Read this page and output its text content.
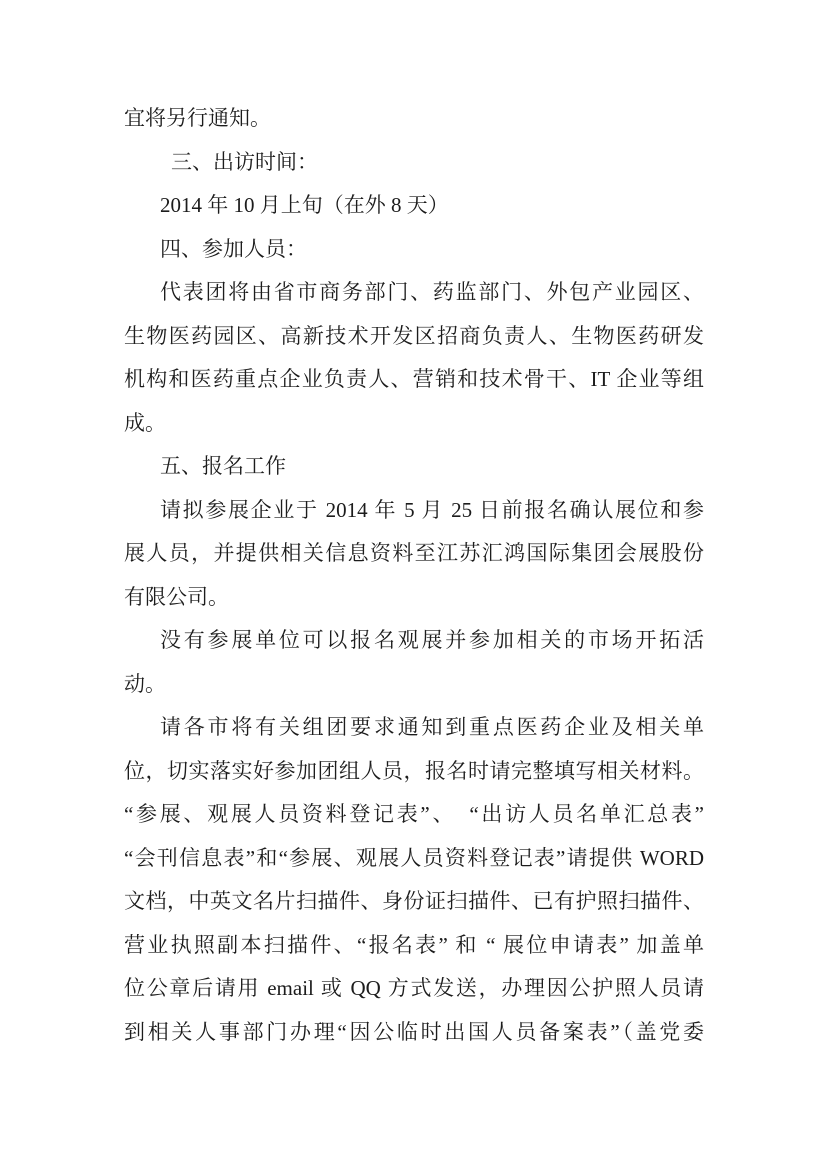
宜将另行通知。
三、出访时间：
2014 年 10 月上旬（在外 8 天）
四、参加人员：
代表团将由省市商务部门、药监部门、外包产业园区、
生物医药园区、高新技术开发区招商负责人、生物医药研发
机构和医药重点企业负责人、营销和技术骨干、IT 企业等组
成。
五、报名工作
请拟参展企业于 2014 年 5 月 25 日前报名确认展位和参
展人员，并提供相关信息资料至江苏汇鸿国际集团会展股份
有限公司。
没有参展单位可以报名观展并参加相关的市场开拓活
动。
请各市将有关组团要求通知到重点医药企业及相关单
位，切实落实好参加团组人员，报名时请完整填写相关材料。
“参展、观展人员资料登记表”、　“出访人员名单汇总表”
“会刊信息表”和“参展、观展人员资料登记表”请提供 WORD
文档，中英文名片扫描件、身份证扫描件、已有护照扫描件、
营业执照副本扫描件、“报名表” 和 “ 展位申请表” 加盖单
位公章后请用 email 或 QQ 方式发送，办理因公护照人员请
到相关人事部门办理“因公临时出国人员备案表”（盖党委
